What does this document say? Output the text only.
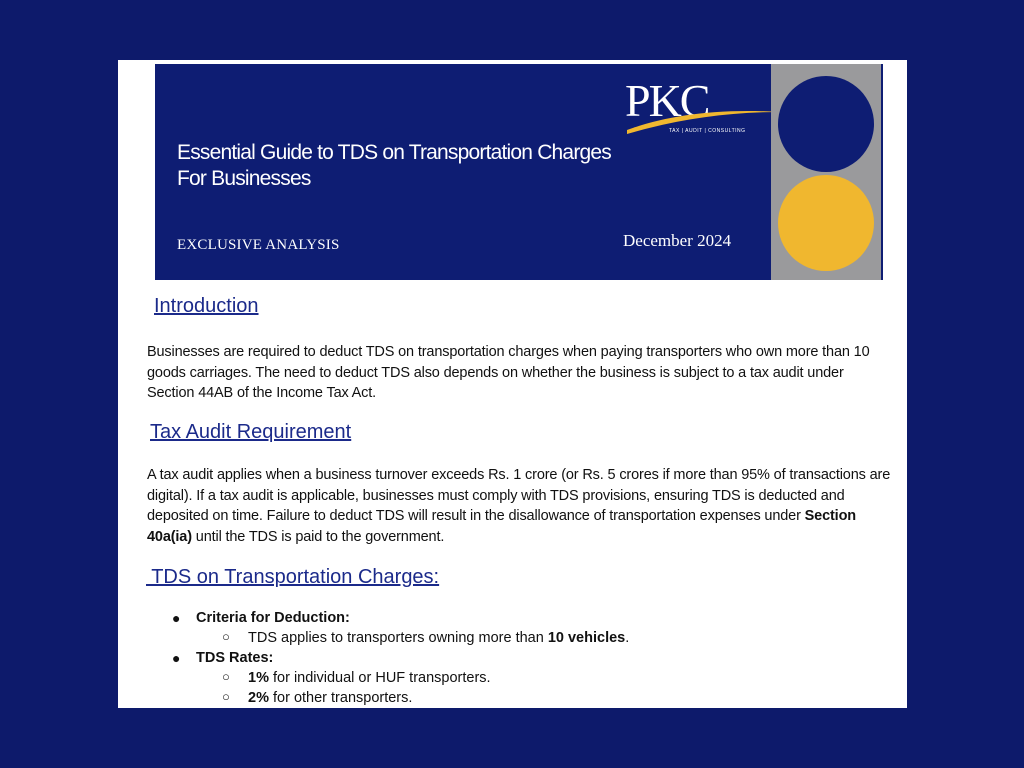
PKC
TAX | AUDIT | CONSULTING
Essential Guide to TDS on Transportation Charges
For Businesses
EXCLUSIVE ANALYSIS	December 2024
Introduction

Businesses are required to deduct TDS on transportation charges when paying transporters who own more than 10 goods carriages. The need to deduct TDS also depends on whether the business is subject to a tax audit under Section 44AB of the Income Tax Act.

Tax Audit Requirement

A tax audit applies when a business turnover exceeds Rs. 1 crore (or Rs. 5 crores if more than 95% of transactions are digital). If a tax audit is applicable, businesses must comply with TDS provisions, ensuring TDS is deducted and deposited on time. Failure to deduct TDS will result in the disallowance of transportation expenses under Section 40a(ia) until the TDS is paid to the government.

TDS on Transportation Charges:
● Criteria for Deduction:
○ TDS applies to transporters owning more than 10 vehicles.
● TDS Rates:
○ 1% for individual or HUF transporters.
○ 2% for other transporters.
